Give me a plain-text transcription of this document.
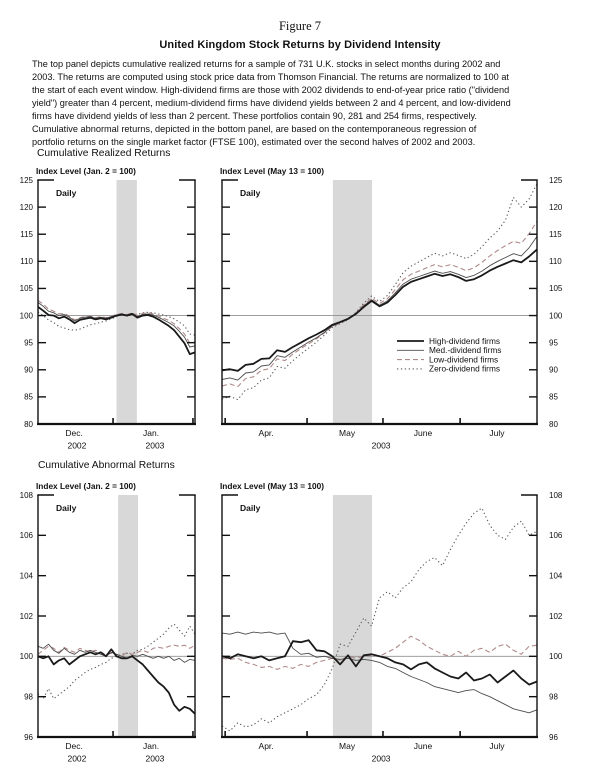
Figure 7
United Kingdom Stock Returns by Dividend Intensity
The top panel depicts cumulative realized returns for a sample of 731 U.K. stocks in select months during 2002 and
2003. The returns are computed using stock price data from Thomson Financial. The returns are normalized to 100 at
the start of each event window. High-dividend firms are those with 2002 dividends to end-of-year price ratio ("dividend
yield") greater than 4 percent, medium-dividend firms have dividend yields between 2 and 4 percent, and low-dividend
firms have dividend yields of less than 2 percent. These portfolios contain 90, 281 and 254 firms, respectively.
Cumulative abnormal returns, depicted in the bottom panel, are based on the contemporaneous regression of
portfolio returns on the single market factor (FTSE 100), estimated over the second halves of 2002 and 2003.
Cumulative Realized Returns
Cumulative Abnormal Returns
80
85
90
95
100
105
110
115
120
125
Dec.	Jan.
2002	2003
Daily
Index Level (Jan. 2 = 100)
80
85
90
95
100
105
110
115
120
125
Apr.	May	June	July
2003
Daily
Index Level (May 13 = 100)
High-dividend firms
Med.-dividend firms
Low-dividend firms
Zero-dividend firms
96
98
100
102
104
106
108
Dec.	Jan.
2002	2003
Daily
Index Level (Jan. 2 = 100)
96
98
100
102
104
106
108
Apr.	May	June	July
2003
Daily
Index Level (May 13 = 100)
